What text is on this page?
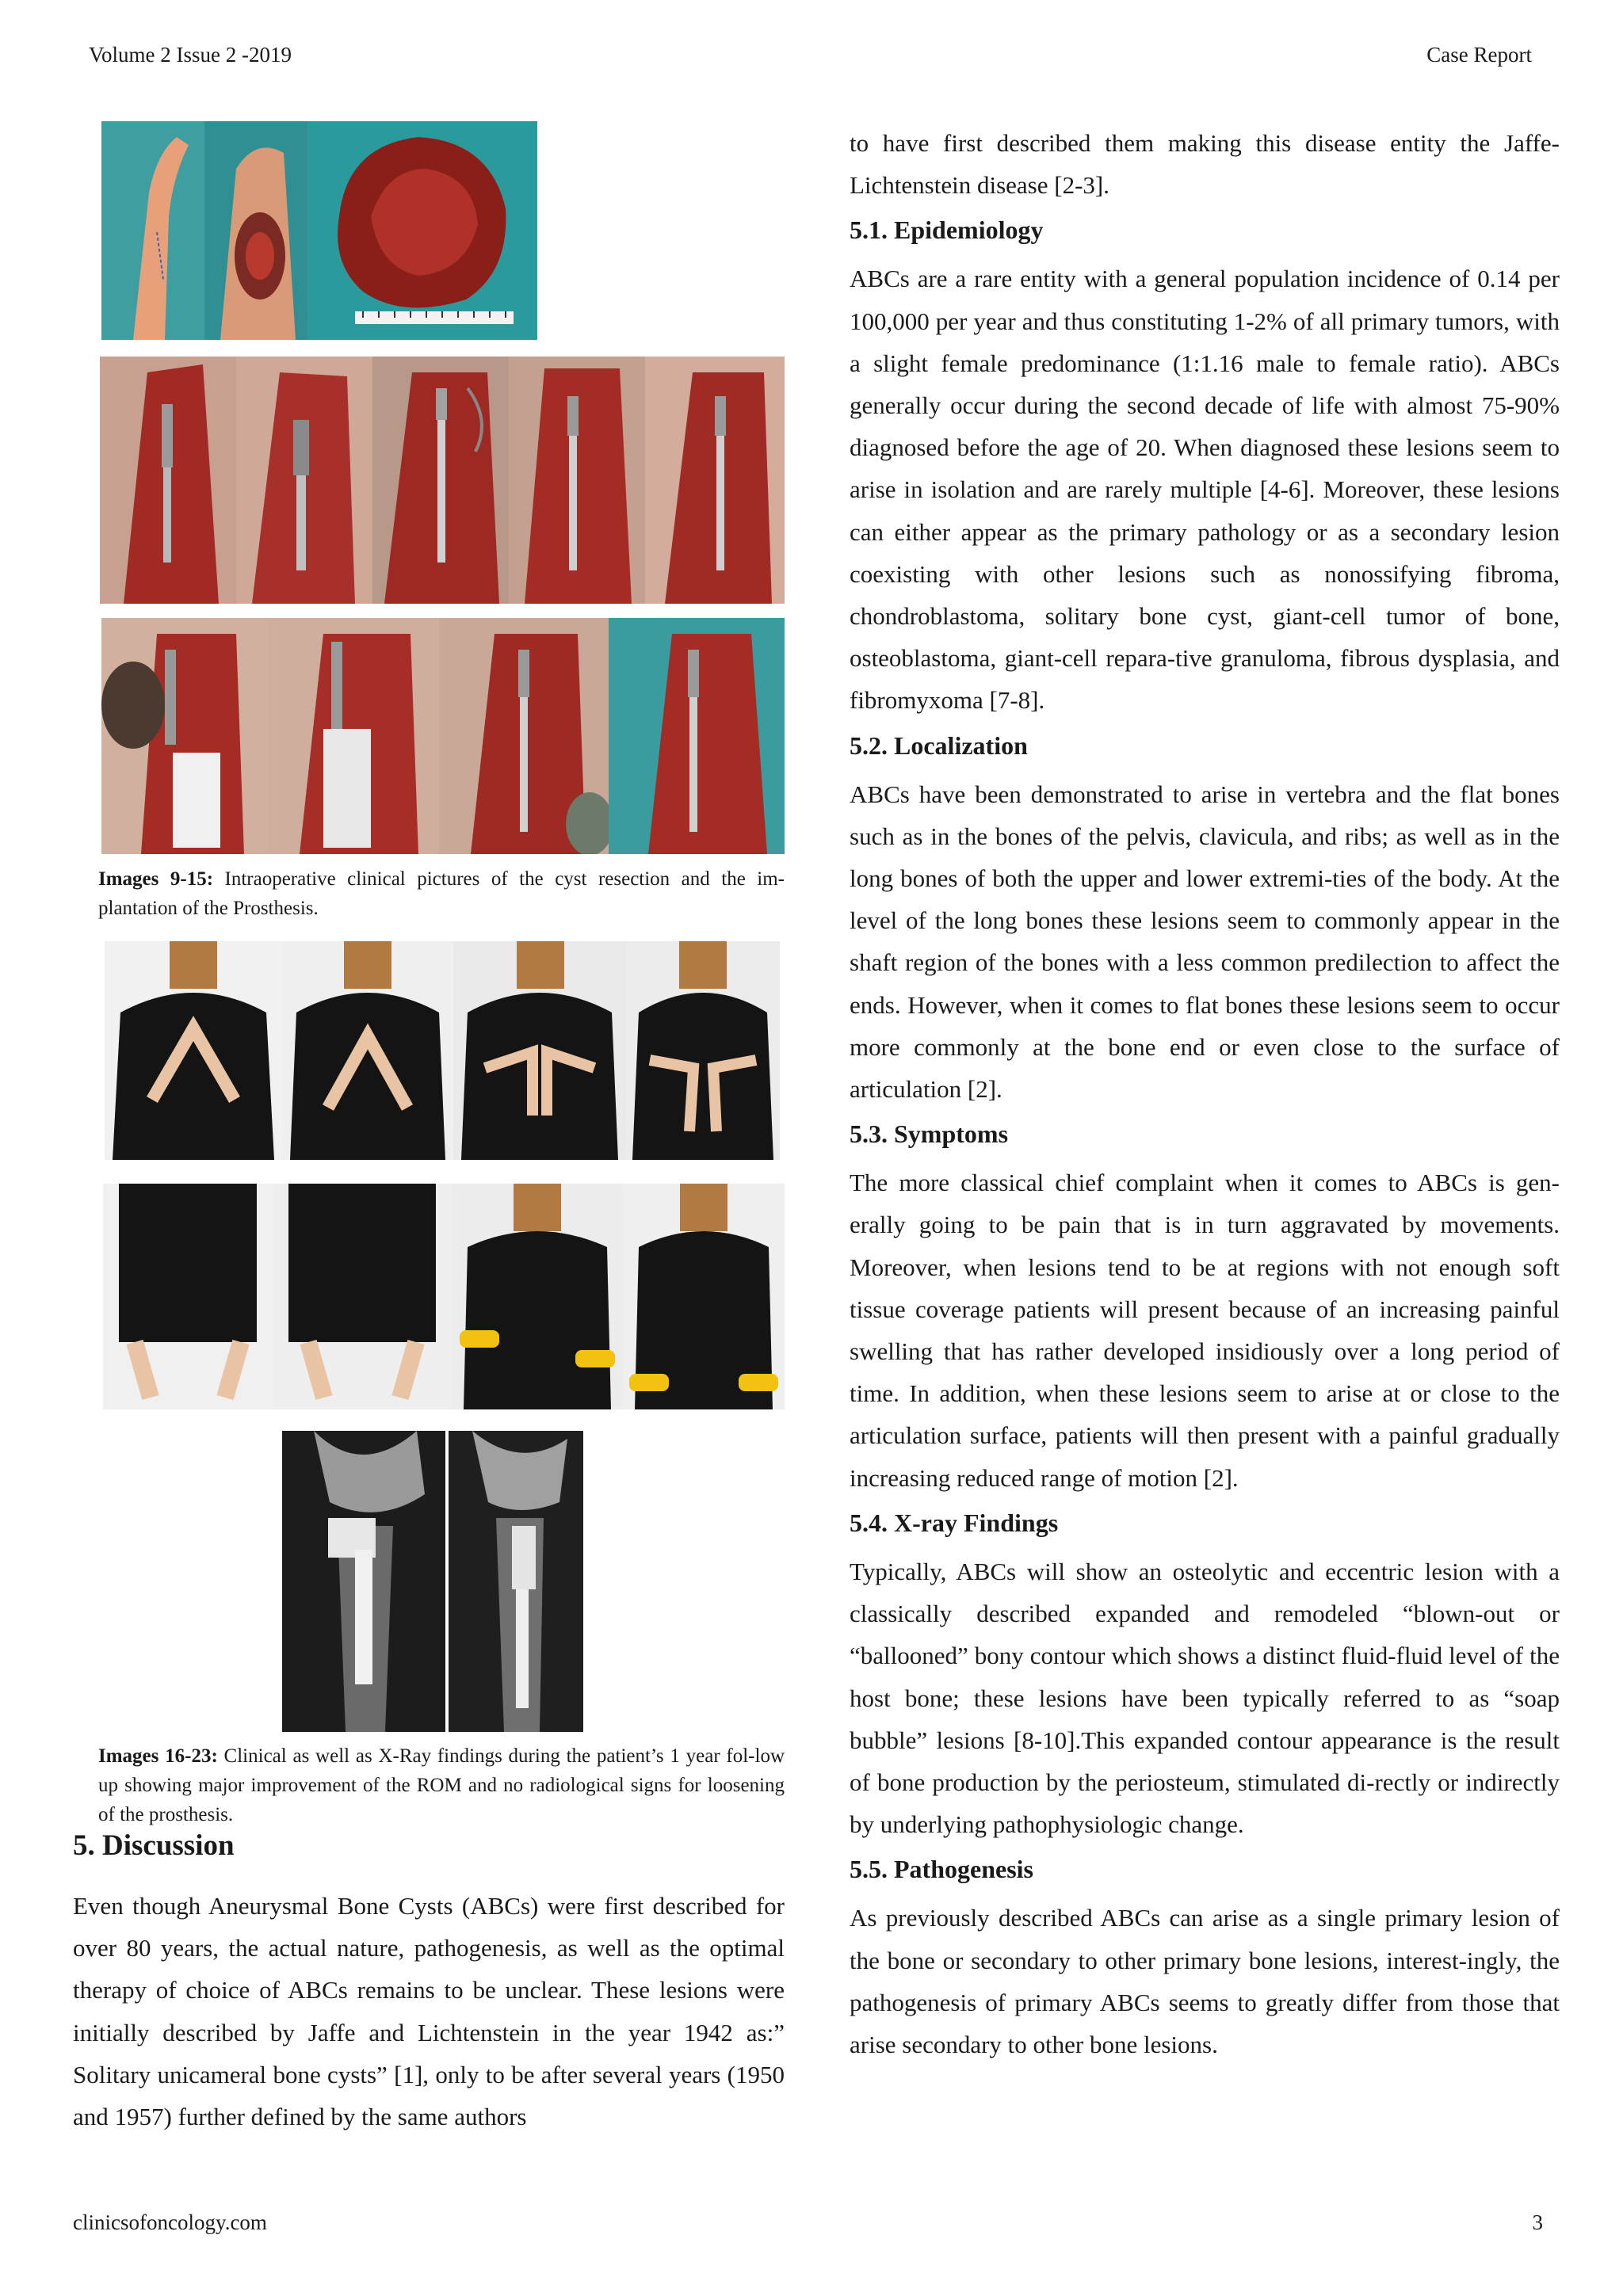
Volume 2 Issue 2 -2019	Case Report
Images 9-15: Intraoperative clinical pictures of the cyst resection and the im-plantation of the Prosthesis.
Images 16-23: Clinical as well as X-Ray findings during the patient’s 1 year fol-low up showing major improvement of the ROM and no radiological signs for loosening of the prosthesis.
5. Discussion

Even though Aneurysmal Bone Cysts (ABCs) were first described for over 80 years, the actual nature, pathogenesis, as well as the optimal therapy of choice of ABCs remains to be unclear. These lesions were initially described by Jaffe and Lichtenstein in the year 1942 as:” Solitary unicameral bone cysts” [1], only to be after several years (1950 and 1957) further defined by the same authors

to have first described them making this disease entity the Jaffe-Lichtenstein disease [2-3].

5.1. Epidemiology

ABCs are a rare entity with a general population incidence of 0.14 per 100,000 per year and thus constituting 1-2% of all primary tumors, with a slight female predominance (1:1.16 male to female ratio). ABCs generally occur during the second decade of life with almost 75-90% diagnosed before the age of 20. When diagnosed these lesions seem to arise in isolation and are rarely multiple [4-6]. Moreover, these lesions can either appear as the primary pathology or as a secondary lesion coexisting with other lesions such as nonossifying fibroma, chondroblastoma, solitary bone cyst, giant-cell tumor of bone, osteoblastoma, giant-cell repara-tive granuloma, fibrous dysplasia, and fibromyxoma [7-8].

5.2. Localization

ABCs have been demonstrated to arise in vertebra and the flat bones such as in the bones of the pelvis, clavicula, and ribs; as well as in the long bones of both the upper and lower extremi-ties of the body. At the level of the long bones these lesions seem to commonly appear in the shaft region of the bones with a less common predilection to affect the ends. However, when it comes to flat bones these lesions seem to occur more commonly at the bone end or even close to the surface of articulation [2].

5.3. Symptoms

The more classical chief complaint when it comes to ABCs is gen-erally going to be pain that is in turn aggravated by movements. Moreover, when lesions tend to be at regions with not enough soft tissue coverage patients will present because of an increasing painful swelling that has rather developed insidiously over a long period of time. In addition, when these lesions seem to arise at or close to the articulation surface, patients will then present with a painful gradually increasing reduced range of motion [2].

5.4. X-ray Findings

Typically, ABCs will show an osteolytic and eccentric lesion with a classically described expanded and remodeled “blown-out or “ballooned” bony contour which shows a distinct fluid-fluid level of the host bone; these lesions have been typically referred to as “soap bubble” lesions [8-10].This expanded contour appearance is the result of bone production by the periosteum, stimulated di-rectly or indirectly by underlying pathophysiologic change.

5.5. Pathogenesis

As previously described ABCs can arise as a single primary lesion of the bone or secondary to other primary bone lesions, interest-ingly, the pathogenesis of primary ABCs seems to greatly differ from those that arise secondary to other bone lesions.

clinicsofoncology.com	3
